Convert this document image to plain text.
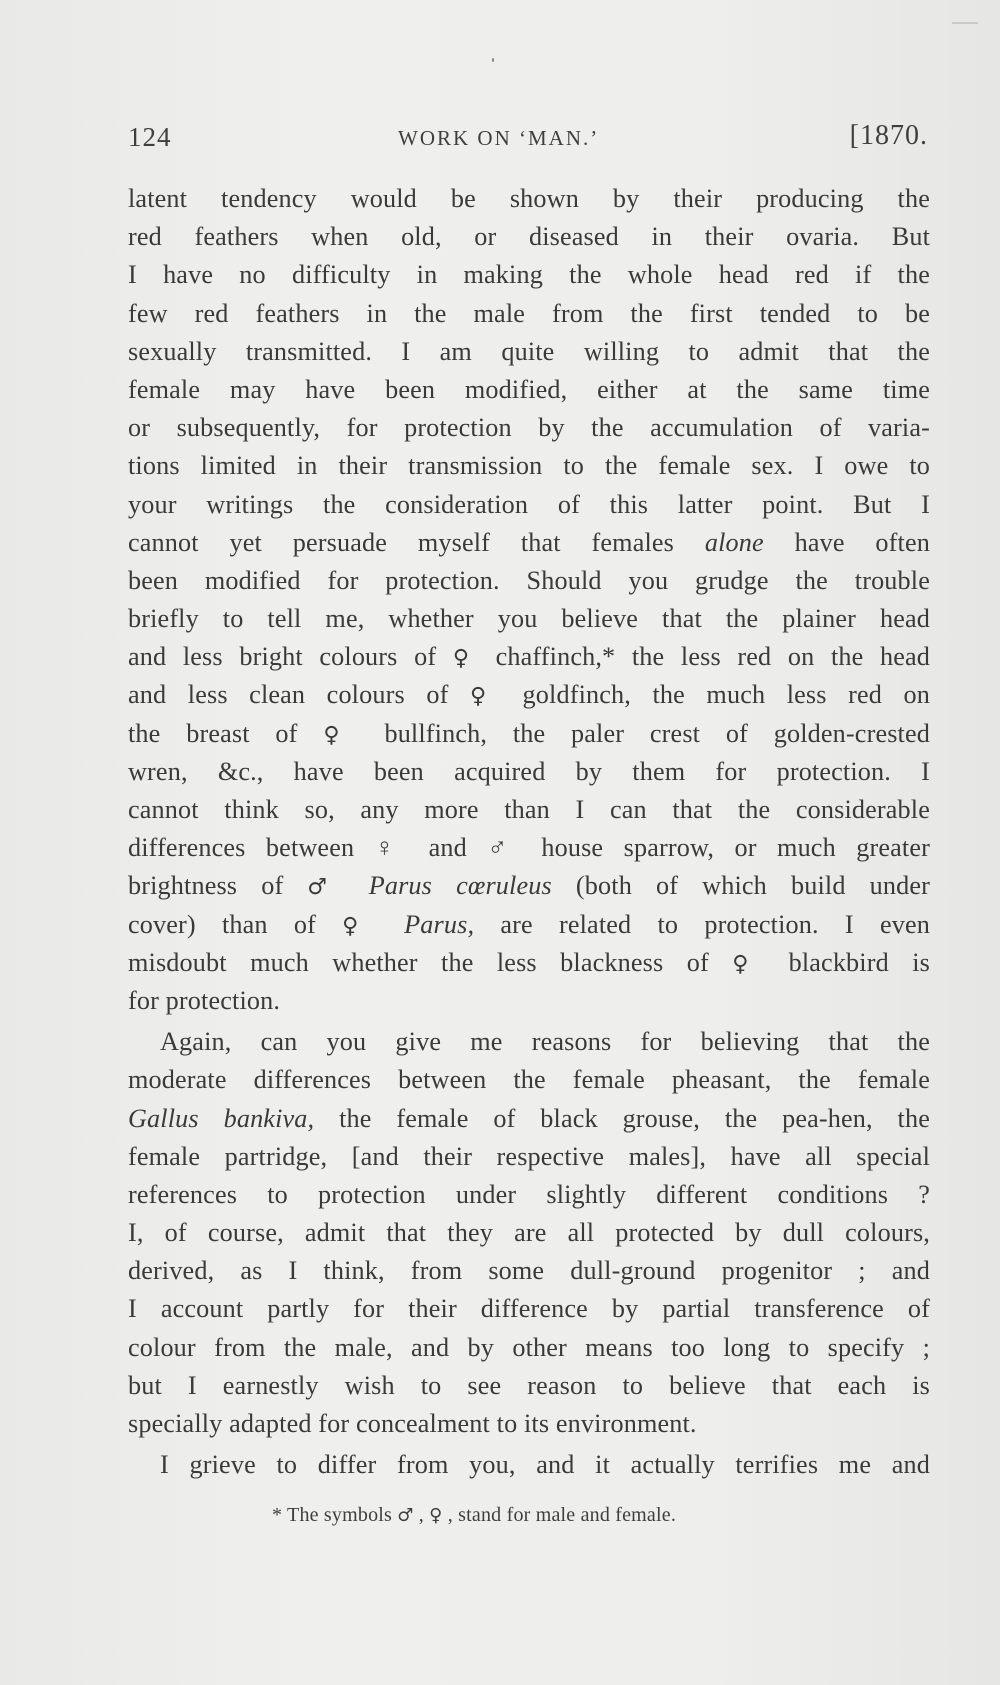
124	WORK ON ‘MAN.’	[1870.
latent tendency would be shown by their producing the
red feathers when old, or diseased in their ovaria. But
I have no difficulty in making the whole head red if the
few red feathers in the male from the first tended to be
sexually transmitted. I am quite willing to admit that the
female may have been modified, either at the same time
or subsequently, for protection by the accumulation of varia-
tions limited in their transmission to the female sex. I owe to
your writings the consideration of this latter point. But I
cannot yet persuade myself that females alone have often
been modified for protection. Should you grudge the trouble
briefly to tell me, whether you believe that the plainer head
and less bright colours of ♀ chaffinch,* the less red on the head
and less clean colours of ♀ goldfinch, the much less red on
the breast of ♀ bullfinch, the paler crest of golden-crested
wren, &c., have been acquired by them for protection. I
cannot think so, any more than I can that the considerable
differences between ♀ and ♂ house sparrow, or much greater
brightness of ♂ Parus cœruleus (both of which build under
cover) than of ♀ Parus, are related to protection. I even
misdoubt much whether the less blackness of ♀ blackbird is
for protection.
Again, can you give me reasons for believing that the
moderate differences between the female pheasant, the female
Gallus bankiva, the female of black grouse, the pea-hen, the
female partridge, [and their respective males], have all special
references to protection under slightly different conditions ?
I, of course, admit that they are all protected by dull colours,
derived, as I think, from some dull-ground progenitor ; and
I account partly for their difference by partial transference of
colour from the male, and by other means too long to specify ;
but I earnestly wish to see reason to believe that each is
specially adapted for concealment to its environment.
I grieve to differ from you, and it actually terrifies me and
* The symbols ♂ , ♀ , stand for male and female.
